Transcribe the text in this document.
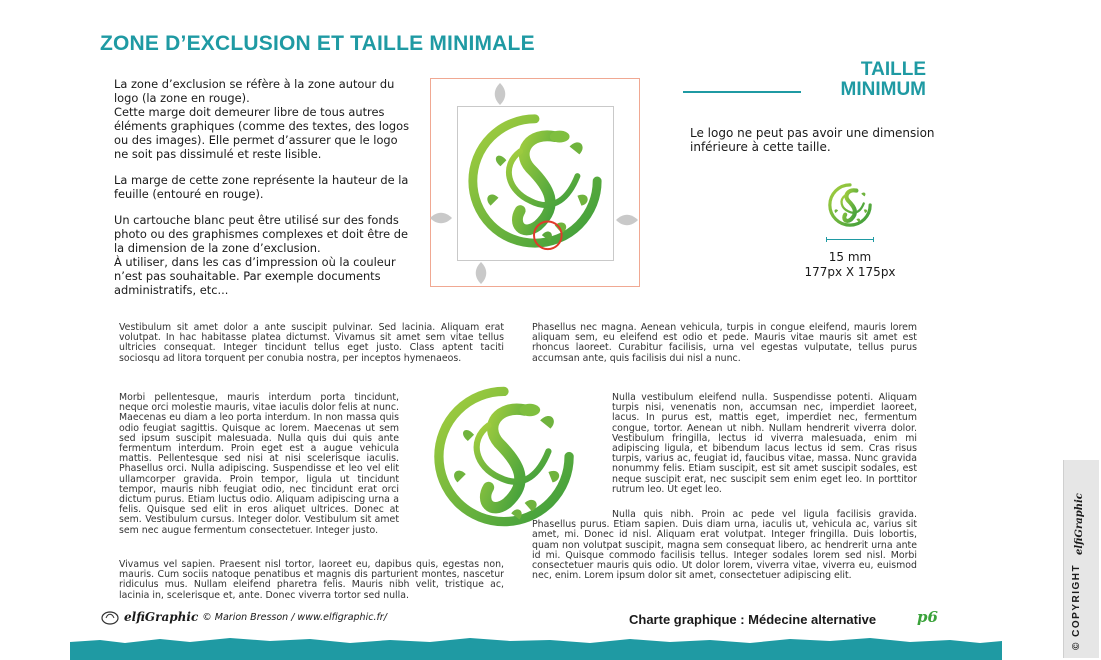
ZONE D’EXCLUSION ET TAILLE MINIMALE

La zone d’exclusion se réfère à la zone autour du logo (la zone en rouge).

Cette marge doit demeurer libre de tous autres éléments graphiques (comme des textes, des logos ou des images). Elle permet d’assurer que le logo ne soit pas dissimulé et reste lisible.

La marge de cette zone représente la hauteur de la feuille (entouré en rouge).

Un cartouche blanc peut être utilisé sur des fonds photo ou des graphismes complexes et doit être de la dimension de la zone d’exclusion.

À utiliser, dans les cas d’impression où la couleur n’est pas souhaitable. Par exemple documents administratifs, etc...

TAILLE
MINIMUM
Le logo ne peut pas avoir une dimension inférieure à cette taille.
15 mm
177px X 175px
Vestibulum sit amet dolor a ante suscipit pulvinar. Sed lacinia. Aliquam erat volutpat. In hac habitasse platea dictumst. Vivamus sit amet sem vitae tellus ultricies consequat. Integer tincidunt tellus eget justo. Class aptent taciti sociosqu ad litora torquent per conubia nostra, per inceptos hymenaeos.
Morbi pellentesque, mauris interdum porta tincidunt, neque orci molestie mauris, vitae iaculis dolor felis at nunc. Maecenas eu diam a leo porta interdum. In non massa quis odio feugiat sagittis. Quisque ac lorem. Maecenas ut sem sed ipsum suscipit malesuada. Nulla quis dui quis ante fermentum interdum. Proin eget est a augue vehicula mattis. Pellentesque sed nisi at nisi scelerisque iaculis. Phasellus orci. Nulla adipiscing. Suspendisse et leo vel elit ullamcorper gravida. Proin tempor, ligula ut tincidunt tempor, mauris nibh feugiat odio, nec tincidunt erat orci dictum purus. Etiam luctus odio. Aliquam adipiscing urna a felis. Quisque sed elit in eros aliquet ultrices. Donec at sem. Vestibulum cursus. Integer dolor. Vestibulum sit amet sem nec augue fermentum consectetuer. Integer justo.
Vivamus vel sapien. Praesent nisl tortor, laoreet eu, dapibus quis, egestas non, mauris. Cum sociis natoque penatibus et magnis dis parturient montes, nascetur ridiculus mus. Nullam eleifend pharetra felis. Mauris nibh velit, tristique ac, lacinia in, scelerisque et, ante. Donec viverra tortor sed nulla.
Phasellus nec magna. Aenean vehicula, turpis in congue eleifend, mauris lorem aliquam sem, eu eleifend est odio et pede. Mauris vitae mauris sit amet est rhoncus laoreet. Curabitur facilisis, urna vel egestas vulputate, tellus purus accumsan ante, quis facilisis dui nisl a nunc.
Nulla vestibulum eleifend nulla. Suspendisse potenti. Aliquam turpis nisi, venenatis non, accumsan nec, imperdiet laoreet, lacus. In purus est, mattis eget, imperdiet nec, fermentum congue, tortor. Aenean ut nibh. Nullam hendrerit viverra dolor. Vestibulum fringilla, lectus id viverra malesuada, enim mi adipiscing ligula, et bibendum lacus lectus id sem. Cras risus turpis, varius ac, feugiat id, faucibus vitae, massa. Nunc gravida nonummy felis. Etiam suscipit, est sit amet suscipit sodales, est neque suscipit erat, nec suscipit sem enim eget leo. In porttitor rutrum leo. Ut eget leo.
Nulla quis nibh. Proin ac pede vel ligula facilisis gravida. Phasellus purus. Etiam sapien. Duis diam urna, iaculis ut, vehicula ac, varius sit amet, mi. Donec id nisl. Aliquam erat volutpat. Integer fringilla. Duis lobortis, quam non volutpat suscipit, magna sem consequat libero, ac hendrerit urna ante id mi. Quisque commodo facilisis tellus. Integer sodales lorem sed nisl. Morbi consectetuer mauris quis odio. Ut dolor lorem, viverra vitae, viverra eu, euismod nec, enim. Lorem ipsum dolor sit amet, consectetuer adipiscing elit.
elfiGraphic © Marion Bresson / www.elfigraphic.fr/	Charte graphique : Médecine alternative	p6	© COPYRIGHT
elfiGraphic
